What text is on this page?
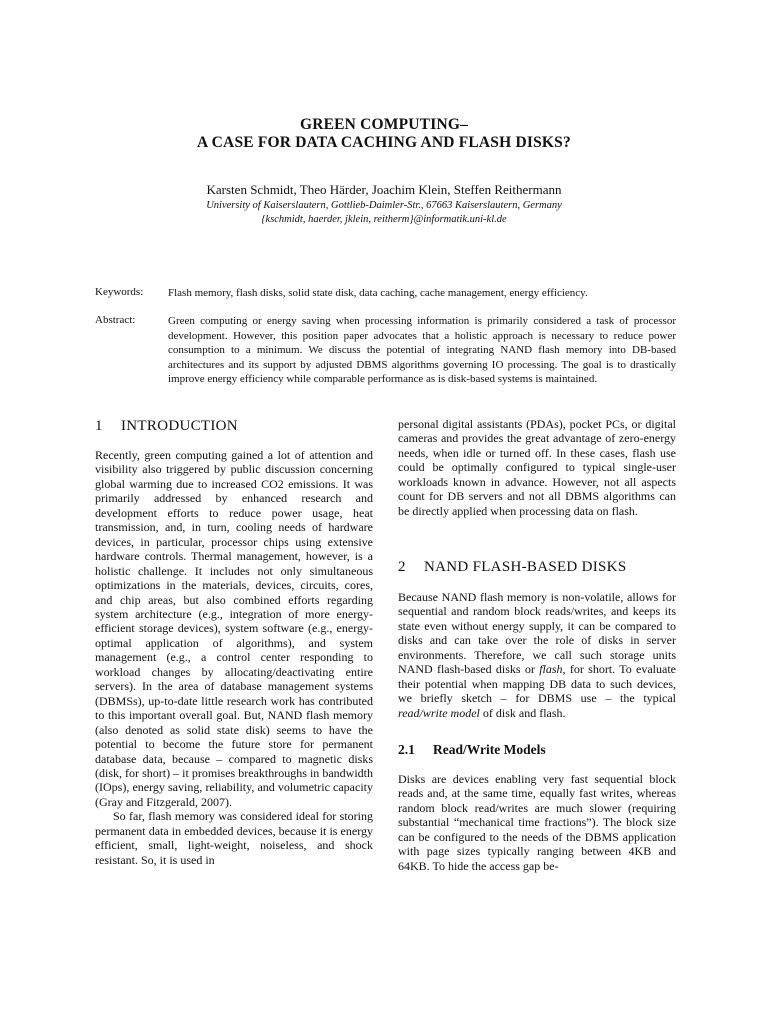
GREEN COMPUTING–
A CASE FOR DATA CACHING AND FLASH DISKS?
Karsten Schmidt, Theo Härder, Joachim Klein, Steffen Reithermann
University of Kaiserslautern, Gottlieb-Daimler-Str., 67663 Kaiserslautern, Germany
{kschmidt, haerder, jklein, reitherm}@informatik.uni-kl.de
Keywords: Flash memory, flash disks, solid state disk, data caching, cache management, energy efficiency.
Abstract:	Green computing or energy saving when processing information is primarily considered a task of processor development. However, this position paper advocates that a holistic approach is necessary to reduce power consumption to a minimum. We discuss the potential of integrating NAND flash memory into DB-based architectures and its support by adjusted DBMS algorithms governing IO processing. The goal is to drastically improve energy efficiency while comparable performance as is disk-based systems is maintained.
1 INTRODUCTION

Recently, green computing gained a lot of attention and visibility also triggered by public discussion concerning global warming due to increased CO2 emissions. It was primarily addressed by enhanced research and development efforts to reduce power usage, heat transmission, and, in turn, cooling needs of hardware devices, in particular, processor chips using extensive hardware controls. Thermal management, however, is a holistic challenge. It includes not only simultaneous optimizations in the materials, devices, circuits, cores, and chip areas, but also combined efforts regarding system architecture (e.g., integration of more energy-efficient storage devices), system software (e.g., energy-optimal application of algorithms), and system management (e.g., a control center responding to workload changes by allocating/deactivating entire servers). In the area of database management systems (DBMSs), up-to-date little research work has contributed to this important overall goal. But, NAND flash memory (also denoted as solid state disk) seems to have the potential to become the future store for permanent database data, because – compared to magnetic disks (disk, for short) – it promises breakthroughs in bandwidth (IOps), energy saving, reliability, and volumetric capacity (Gray and Fitzgerald, 2007).

So far, flash memory was considered ideal for storing permanent data in embedded devices, because it is energy efficient, small, light-weight, noiseless, and shock resistant. So, it is used in

personal digital assistants (PDAs), pocket PCs, or digital cameras and provides the great advantage of zero-energy needs, when idle or turned off. In these cases, flash use could be optimally configured to typical single-user workloads known in advance. However, not all aspects count for DB servers and not all DBMS algorithms can be directly applied when processing data on flash.

2 NAND FLASH-BASED DISKS

Because NAND flash memory is non-volatile, allows for sequential and random block reads/writes, and keeps its state even without energy supply, it can be compared to disks and can take over the role of disks in server environments. Therefore, we call such storage units NAND flash-based disks or flash, for short. To evaluate their potential when mapping DB data to such devices, we briefly sketch – for DBMS use – the typical read/write model of disk and flash.

2.1 Read/Write Models

Disks are devices enabling very fast sequential block reads and, at the same time, equally fast writes, whereas random block read/writes are much slower (requiring substantial “mechanical time fractions”). The block size can be configured to the needs of the DBMS application with page sizes typically ranging between 4KB and 64KB. To hide the access gap be-
